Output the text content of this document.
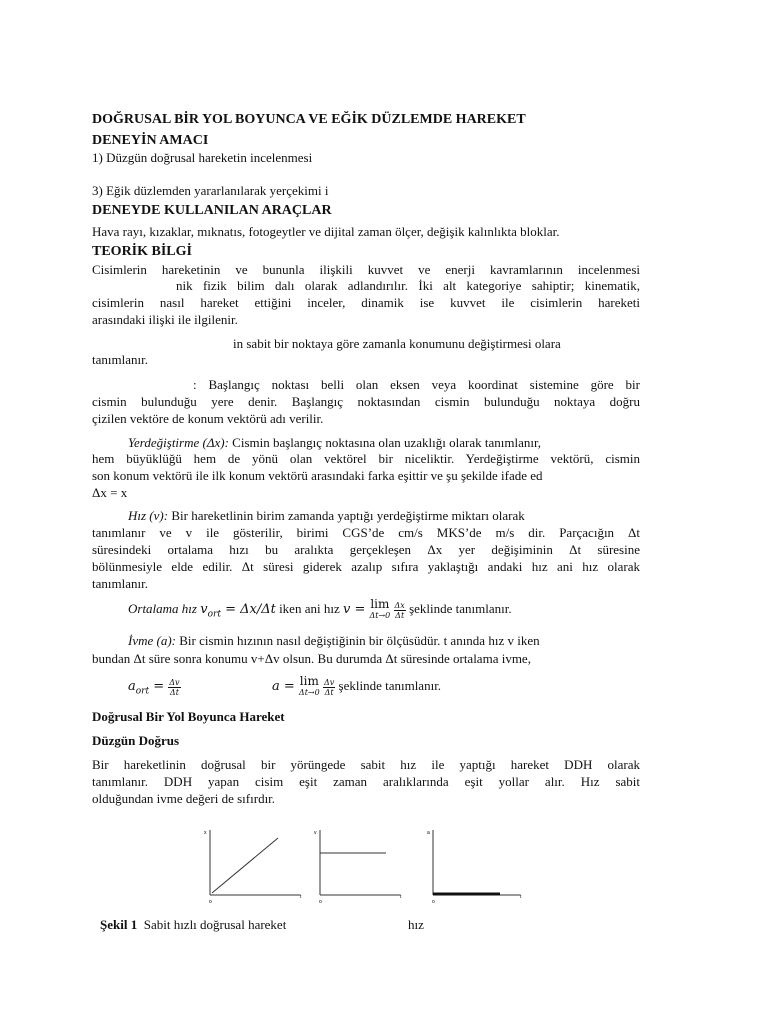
DOĞRUSAL BİR YOL BOYUNCA VE EĞİK DÜZLEMDE HAREKET
DENEYİN AMACI
1) Düzgün doğrusal hareketin incelenmesi
3) Eğik düzlemden yararlanılarak yerçekimi i
DENEYDE KULLANILAN ARAÇLAR
Hava rayı, kızaklar, mıknatıs, fotogeytler ve dijital zaman ölçer, değişik kalınlıkta bloklar.
TEORİK BİLGİ
Cisimlerin hareketinin ve bununla ilişkili kuvvet ve enerji kavramlarının incelenmesi
nik fizik bilim dalı olarak adlandırılır. İki alt kategoriye sahiptir; kinematik,
cisimlerin nasıl hareket ettiğini inceler, dinamik ise kuvvet ile cisimlerin hareketi
arasındaki ilişki ile ilgilenir.
in sabit bir noktaya göre zamanla konumunu değiştirmesi olara
tanımlanır.
: Başlangıç noktası belli olan eksen veya koordinat sistemine göre bir
cismin bulunduğu yere denir. Başlangıç noktasından cismin bulunduğu noktaya doğru
çizilen vektöre de konum vektörü adı verilir.
Yerdeğiştirme (Δx): Cismin başlangıç noktasına olan uzaklığı olarak tanımlanır,
hem büyüklüğü hem de yönü olan vektörel bir niceliktir. Yerdeğiştirme vektörü, cismin
son konum vektörü ile ilk konum vektörü arasındaki farka eşittir ve şu şekilde ifade ed
Δx = x
Hız (v): Bir hareketlinin birim zamanda yaptığı yerdeğiştirme miktarı olarak
tanımlanır ve v ile gösterilir, birimi CGS’de cm/s MKS’de m/s dir. Parçacığın Δt
süresindeki ortalama hızı bu aralıkta gerçekleşen Δx yer değişiminin Δt süresine
bölünmesiyle elde edilir. Δt süresi giderek azalıp sıfıra yaklaştığı andaki hız ani hız olarak
tanımlanır.
Ortalama hız $v_{ort} = \Delta x/\Delta t$ iken ani hız v = lim
Δt→0
$\frac{\Delta x}{\Delta t}$ şeklinde tanımlanır.
İvme (a): Bir cismin hızının nasıl değiştiğinin bir ölçüsüdür. t anında hız v iken
bundan Δt süre sonra konumu v+Δv olsun. Bu durumda Δt süresinde ortalama ivme,
$a_{ort} = \frac{\Delta v}{\Delta t}$	a = lim
Δt→0
$\frac{\Delta v}{\Delta t}$ şeklinde tanımlanır.
Doğrusal Bir Yol Boyunca Hareket
Düzgün Doğrus
Bir hareketlinin doğrusal bir yörüngede sabit hız ile yaptığı hareket DDH olarak
tanımlanır. DDH yapan cisim eşit zaman aralıklarında eşit yollar alır. Hız sabit
olduğundan ivme değeri de sıfırdır.
x
o
t
v
o
t
a
o
t
Şekil 1 Sabit hızlı doğrusal hareket	hız
